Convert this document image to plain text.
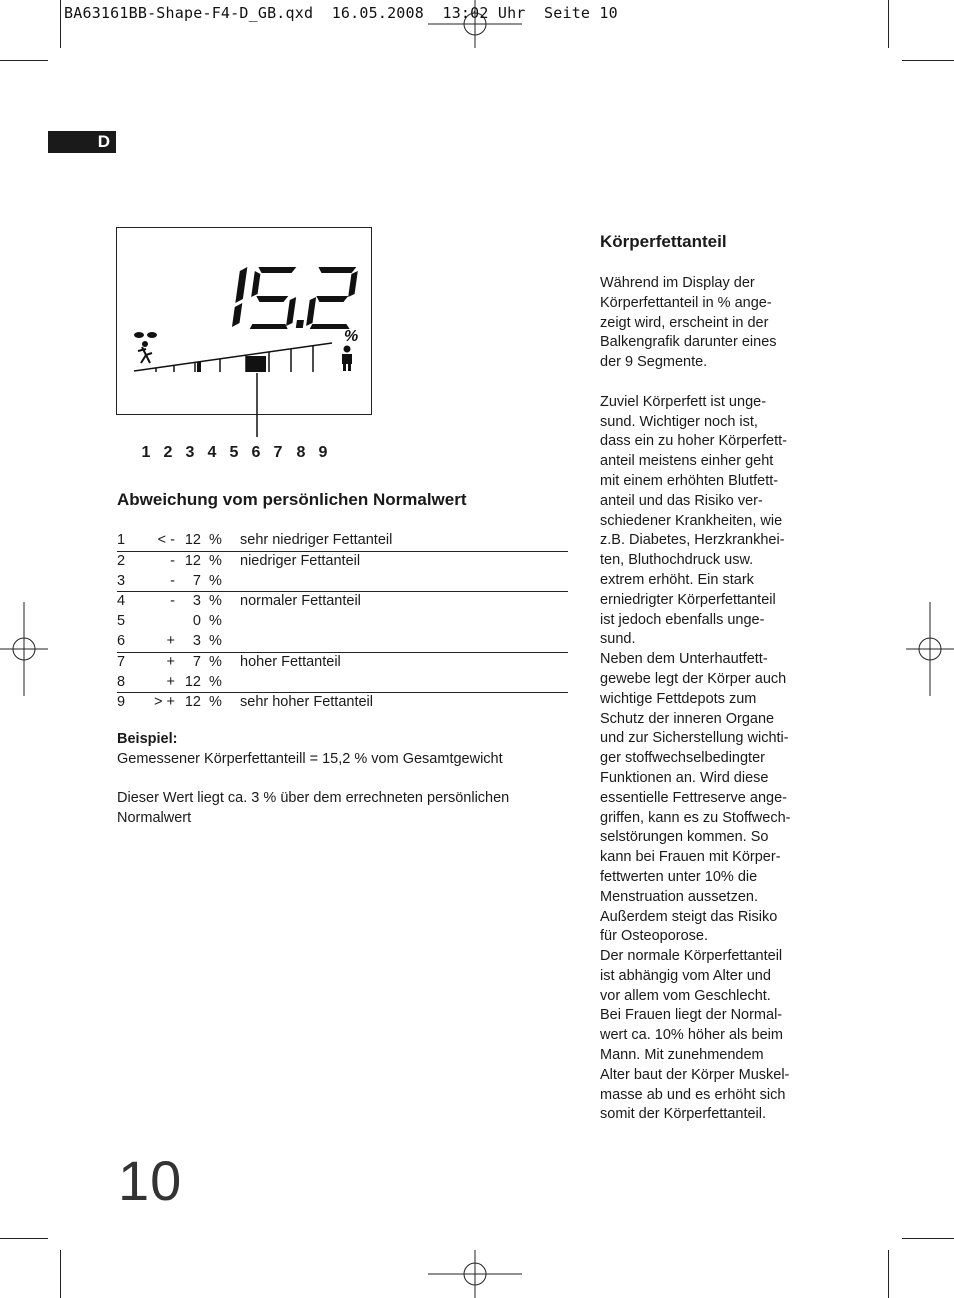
BA63161BB-Shape-F4-D_GB.qxd  16.05.2008  13:02 Uhr  Seite 10
D
%
1 2 3 4 5 6 7 8 9
Abweichung vom persönlichen Normalwert
1	< - 12 % sehr niedriger Fettanteil
2	- 12 % niedriger Fettanteil
3	-	7 %
4	-	3 % normaler Fettanteil
5	0 %
6	+	3 %
7	+	7 % hoher Fettanteil
8	+ 12 %
9	> + 12 % sehr hoher Fettanteil
Beispiel:
Gemessener Körperfettanteill = 15,2 % vom Gesamtgewicht
Dieser Wert liegt ca. 3 % über dem errechneten persönlichen
Normalwert
Körperfettanteil

Während im Display der
Körperfettanteil in % ange-
zeigt wird, erscheint in der
Balkengrafik darunter eines
der 9 Segmente.

Zuviel Körperfett ist unge-
sund. Wichtiger noch ist,
dass ein zu hoher Körperfett-
anteil meistens einher geht
mit einem erhöhten Blutfett-
anteil und das Risiko ver-
schiedener Krankheiten, wie
z.B. Diabetes, Herzkrankhei-
ten, Bluthochdruck usw.
extrem erhöht. Ein stark
erniedrigter Körperfettanteil
ist jedoch ebenfalls unge-
sund.
Neben dem Unterhautfett-
gewebe legt der Körper auch
wichtige Fettdepots zum
Schutz der inneren Organe
und zur Sicherstellung wichti-
ger stoffwechselbedingter
Funktionen an. Wird diese
essentielle Fettreserve ange-
griffen, kann es zu Stoffwech-
selstörungen kommen. So
kann bei Frauen mit Körper-
fettwerten unter 10% die
Menstruation aussetzen.
Außerdem steigt das Risiko
für Osteoporose.
Der normale Körperfettanteil
ist abhängig vom Alter und
vor allem vom Geschlecht.
Bei Frauen liegt der Normal-
wert ca. 10% höher als beim
Mann. Mit zunehmendem
Alter baut der Körper Muskel-
masse ab und es erhöht sich
somit der Körperfettanteil.

10
